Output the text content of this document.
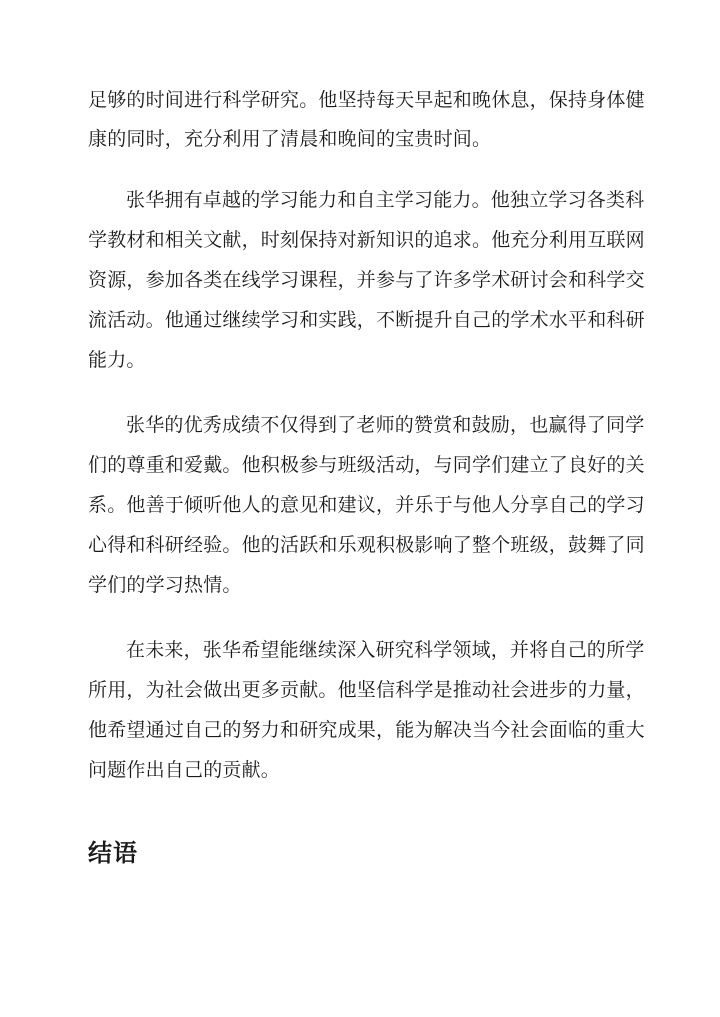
足够的时间进行科学研究。他坚持每天早起和晚休息，保持身体健
康的同时，充分利用了清晨和晚间的宝贵时间。
张华拥有卓越的学习能力和自主学习能力。他独立学习各类科
学教材和相关文献，时刻保持对新知识的追求。他充分利用互联网
资源，参加各类在线学习课程，并参与了许多学术研讨会和科学交
流活动。他通过继续学习和实践，不断提升自己的学术水平和科研
能力。
张华的优秀成绩不仅得到了老师的赞赏和鼓励，也赢得了同学
们的尊重和爱戴。他积极参与班级活动，与同学们建立了良好的关
系。他善于倾听他人的意见和建议，并乐于与他人分享自己的学习
心得和科研经验。他的活跃和乐观积极影响了整个班级，鼓舞了同
学们的学习热情。
在未来，张华希望能继续深入研究科学领域，并将自己的所学
所用，为社会做出更多贡献。他坚信科学是推动社会进步的力量，
他希望通过自己的努力和研究成果，能为解决当今社会面临的重大
问题作出自己的贡献。
结语
